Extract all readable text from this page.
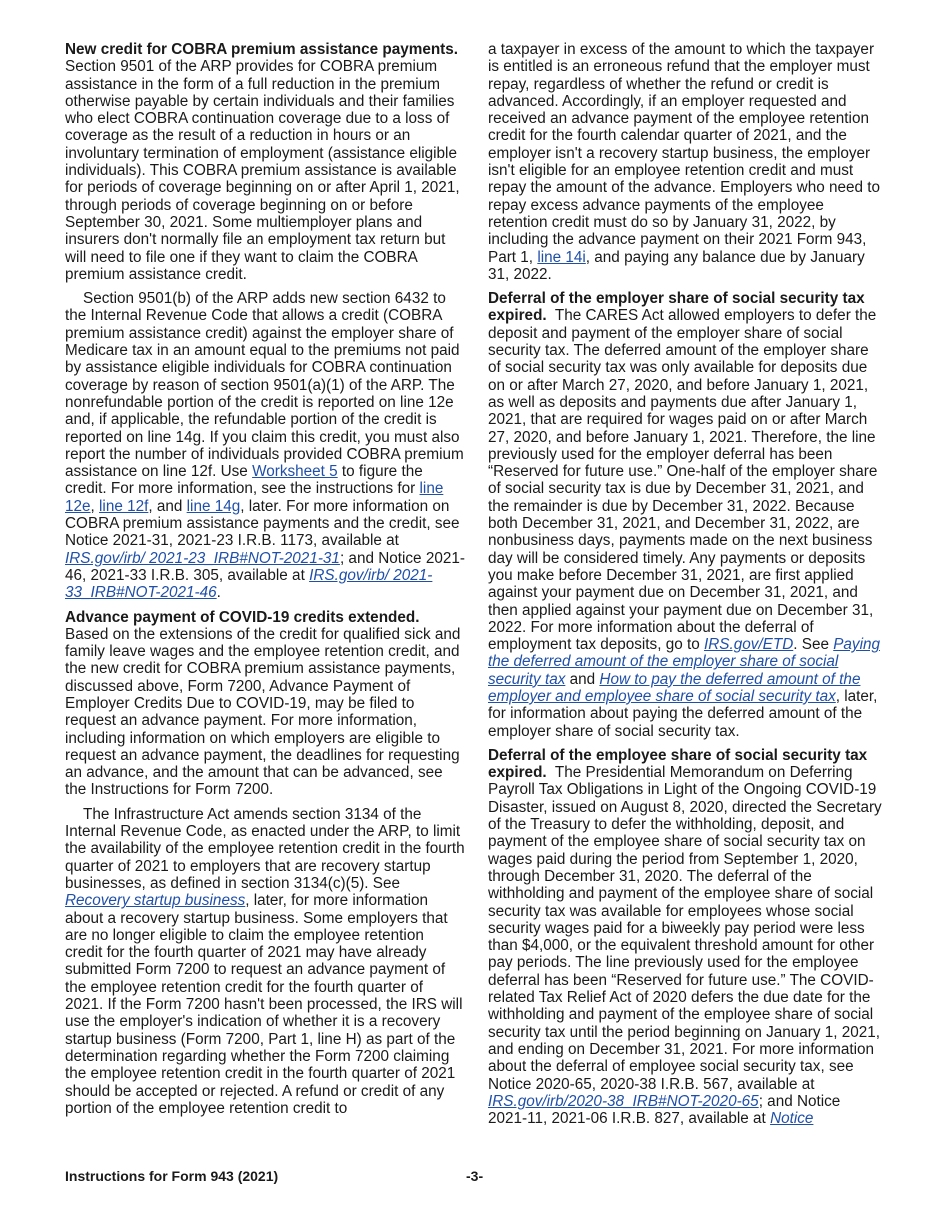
New credit for COBRA premium assistance payments.  Section 9501 of the ARP provides for COBRA premium assistance in the form of a full reduction in the premium otherwise payable by certain individuals and their families who elect COBRA continuation coverage due to a loss of coverage as the result of a reduction in hours or an involuntary termination of employment (assistance eligible individuals). This COBRA premium assistance is available for periods of coverage beginning on or after April 1, 2021, through periods of coverage beginning on or before September 30, 2021. Some multiemployer plans and insurers don't normally file an employment tax return but will need to file one if they want to claim the COBRA premium assistance credit.

Section 9501(b) of the ARP adds new section 6432 to the Internal Revenue Code that allows a credit (COBRA premium assistance credit) against the employer share of Medicare tax in an amount equal to the premiums not paid by assistance eligible individuals for COBRA continuation coverage by reason of section 9501(a)(1) of the ARP. The nonrefundable portion of the credit is reported on line 12e and, if applicable, the refundable portion of the credit is reported on line 14g. If you claim this credit, you must also report the number of individuals provided COBRA premium assistance on line 12f. Use Worksheet 5 to figure the credit. For more information, see the instructions for line 12e, line 12f, and line 14g, later. For more information on COBRA premium assistance payments and the credit, see Notice 2021-31, 2021-23 I.R.B. 1173, available at IRS.gov/irb/ 2021-23_IRB#NOT-2021-31; and Notice 2021-46, 2021-33 I.R.B. 305, available at IRS.gov/irb/ 2021-33_IRB#NOT-2021-46.

Advance payment of COVID-19 credits extended. Based on the extensions of the credit for qualified sick and family leave wages and the employee retention credit, and the new credit for COBRA premium assistance payments, discussed above, Form 7200, Advance Payment of Employer Credits Due to COVID-19, may be filed to request an advance payment. For more information, including information on which employers are eligible to request an advance payment, the deadlines for requesting an advance, and the amount that can be advanced, see the Instructions for Form 7200.

The Infrastructure Act amends section 3134 of the Internal Revenue Code, as enacted under the ARP, to limit the availability of the employee retention credit in the fourth quarter of 2021 to employers that are recovery startup businesses, as defined in section 3134(c)(5). See Recovery startup business, later, for more information about a recovery startup business. Some employers that are no longer eligible to claim the employee retention credit for the fourth quarter of 2021 may have already submitted Form 7200 to request an advance payment of the employee retention credit for the fourth quarter of 2021. If the Form 7200 hasn't been processed, the IRS will use the employer's indication of whether it is a recovery startup business (Form 7200, Part 1, line H) as part of the determination regarding whether the Form 7200 claiming the employee retention credit in the fourth quarter of 2021 should be accepted or rejected. A refund or credit of any portion of the employee retention credit to

a taxpayer in excess of the amount to which the taxpayer is entitled is an erroneous refund that the employer must repay, regardless of whether the refund or credit is advanced. Accordingly, if an employer requested and received an advance payment of the employee retention credit for the fourth calendar quarter of 2021, and the employer isn't a recovery startup business, the employer isn't eligible for an employee retention credit and must repay the amount of the advance. Employers who need to repay excess advance payments of the employee retention credit must do so by January 31, 2022, by including the advance payment on their 2021 Form 943, Part 1, line 14i, and paying any balance due by January 31, 2022.

Deferral of the employer share of social security tax expired. The CARES Act allowed employers to defer the deposit and payment of the employer share of social security tax. The deferred amount of the employer share of social security tax was only available for deposits due on or after March 27, 2020, and before January 1, 2021, as well as deposits and payments due after January 1, 2021, that are required for wages paid on or after March 27, 2020, and before January 1, 2021. Therefore, the line previously used for the employer deferral has been “Reserved for future use.” One-half of the employer share of social security tax is due by December 31, 2021, and the remainder is due by December 31, 2022. Because both December 31, 2021, and December 31, 2022, are nonbusiness days, payments made on the next business day will be considered timely. Any payments or deposits you make before December 31, 2021, are first applied against your payment due on December 31, 2021, and then applied against your payment due on December 31, 2022. For more information about the deferral of employment tax deposits, go to IRS.gov/ETD. See Paying the deferred amount of the employer share of social security tax and How to pay the deferred amount of the employer and employee share of social security tax, later, for information about paying the deferred amount of the employer share of social security tax.

Deferral of the employee share of social security tax expired. The Presidential Memorandum on Deferring Payroll Tax Obligations in Light of the Ongoing COVID-19 Disaster, issued on August 8, 2020, directed the Secretary of the Treasury to defer the withholding, deposit, and payment of the employee share of social security tax on wages paid during the period from September 1, 2020, through December 31, 2020. The deferral of the withholding and payment of the employee share of social security tax was available for employees whose social security wages paid for a biweekly pay period were less than $4,000, or the equivalent threshold amount for other pay periods. The line previously used for the employee deferral has been “Reserved for future use.” The COVID-related Tax Relief Act of 2020 defers the due date for the withholding and payment of the employee share of social security tax until the period beginning on January 1, 2021, and ending on December 31, 2021. For more information about the deferral of employee social security tax, see Notice 2020-65, 2020-38 I.R.B. 567, available at IRS.gov/irb/2020-38_IRB#NOT-2020-65; and Notice 2021-11, 2021-06 I.R.B. 827, available at Notice

Instructions for Form 943 (2021)	-3-
